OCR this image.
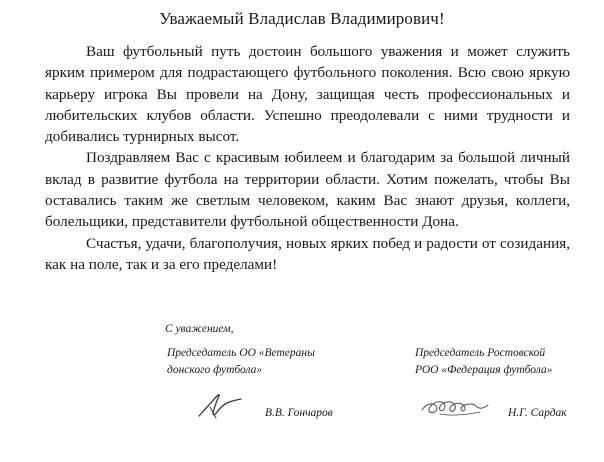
Уважаемый Владислав Владимирович!

Ваш футбольный путь достоин большого уважения и может служить ярким примером для подрастающего футбольного поколения. Всю свою яркую карьеру игрока Вы провели на Дону, защищая честь профессиональных и любительских клубов области. Успешно преодолевали с ними трудности и добивались турнирных высот.

Поздравляем Вас с красивым юбилеем и благодарим за большой личный вклад в развитие футбола на территории области. Хотим пожелать, чтобы Вы оставались таким же светлым человеком, каким Вас знают друзья, коллеги, болельщики, представители футбольной общественности Дона.

Счастья, удачи, благополучия, новых ярких побед и радости от созидания, как на поле, так и за его пределами!

С уважением,
Председатель ОО «Ветераны
донского футбола»
Председатель Ростовской
РОО «Федерация футбола»
В.В. Гончаров	Н.Г. Сардак
